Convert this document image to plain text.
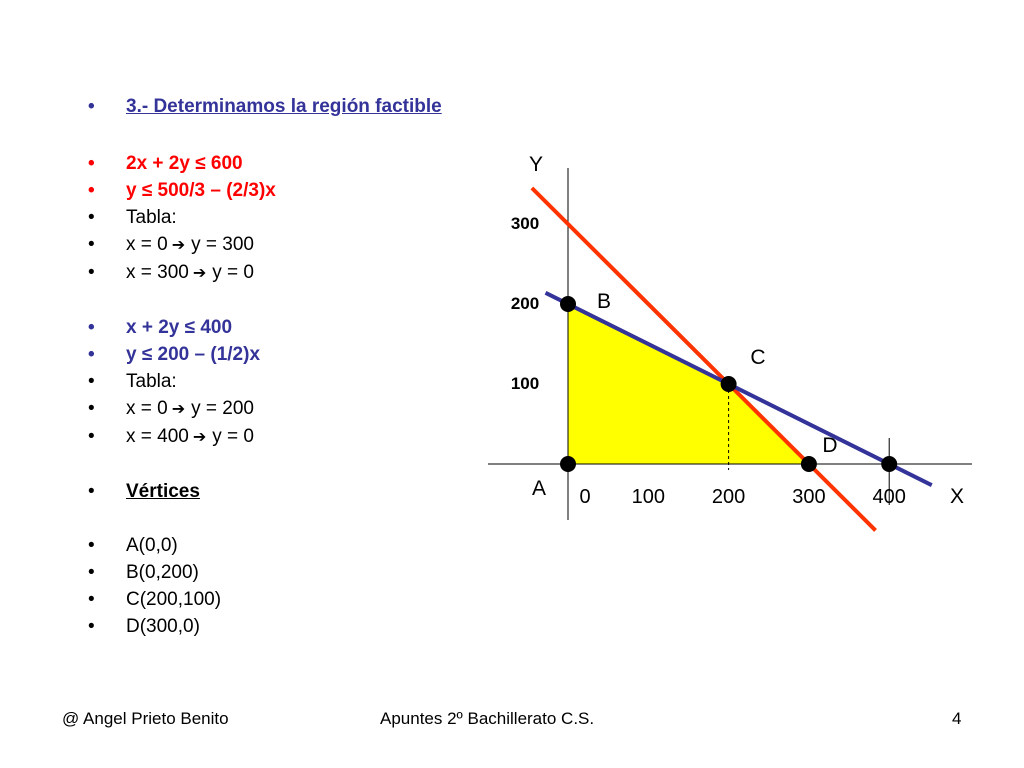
• 3.- Determinamos la región factible
• 2x + 2y ≤ 600
• y ≤ 500/3 – (2/3)x
• Tabla:
• x = 0 ➔ y = 300
• x = 300 ➔ y = 0
• x + 2y ≤ 400
• y ≤ 200 – (1/2)x
• Tabla:
• x = 0 ➔ y = 200
• x = 400 ➔ y = 0
• Vértices
• A(0,0)
• B(0,200)
• C(200,100)
• D(300,0)
A
B
C
D
0 100 200 300 400
100
200
300
X
Y
@ Angel Prieto Benito	Apuntes 2º Bachillerato C.S.	4
